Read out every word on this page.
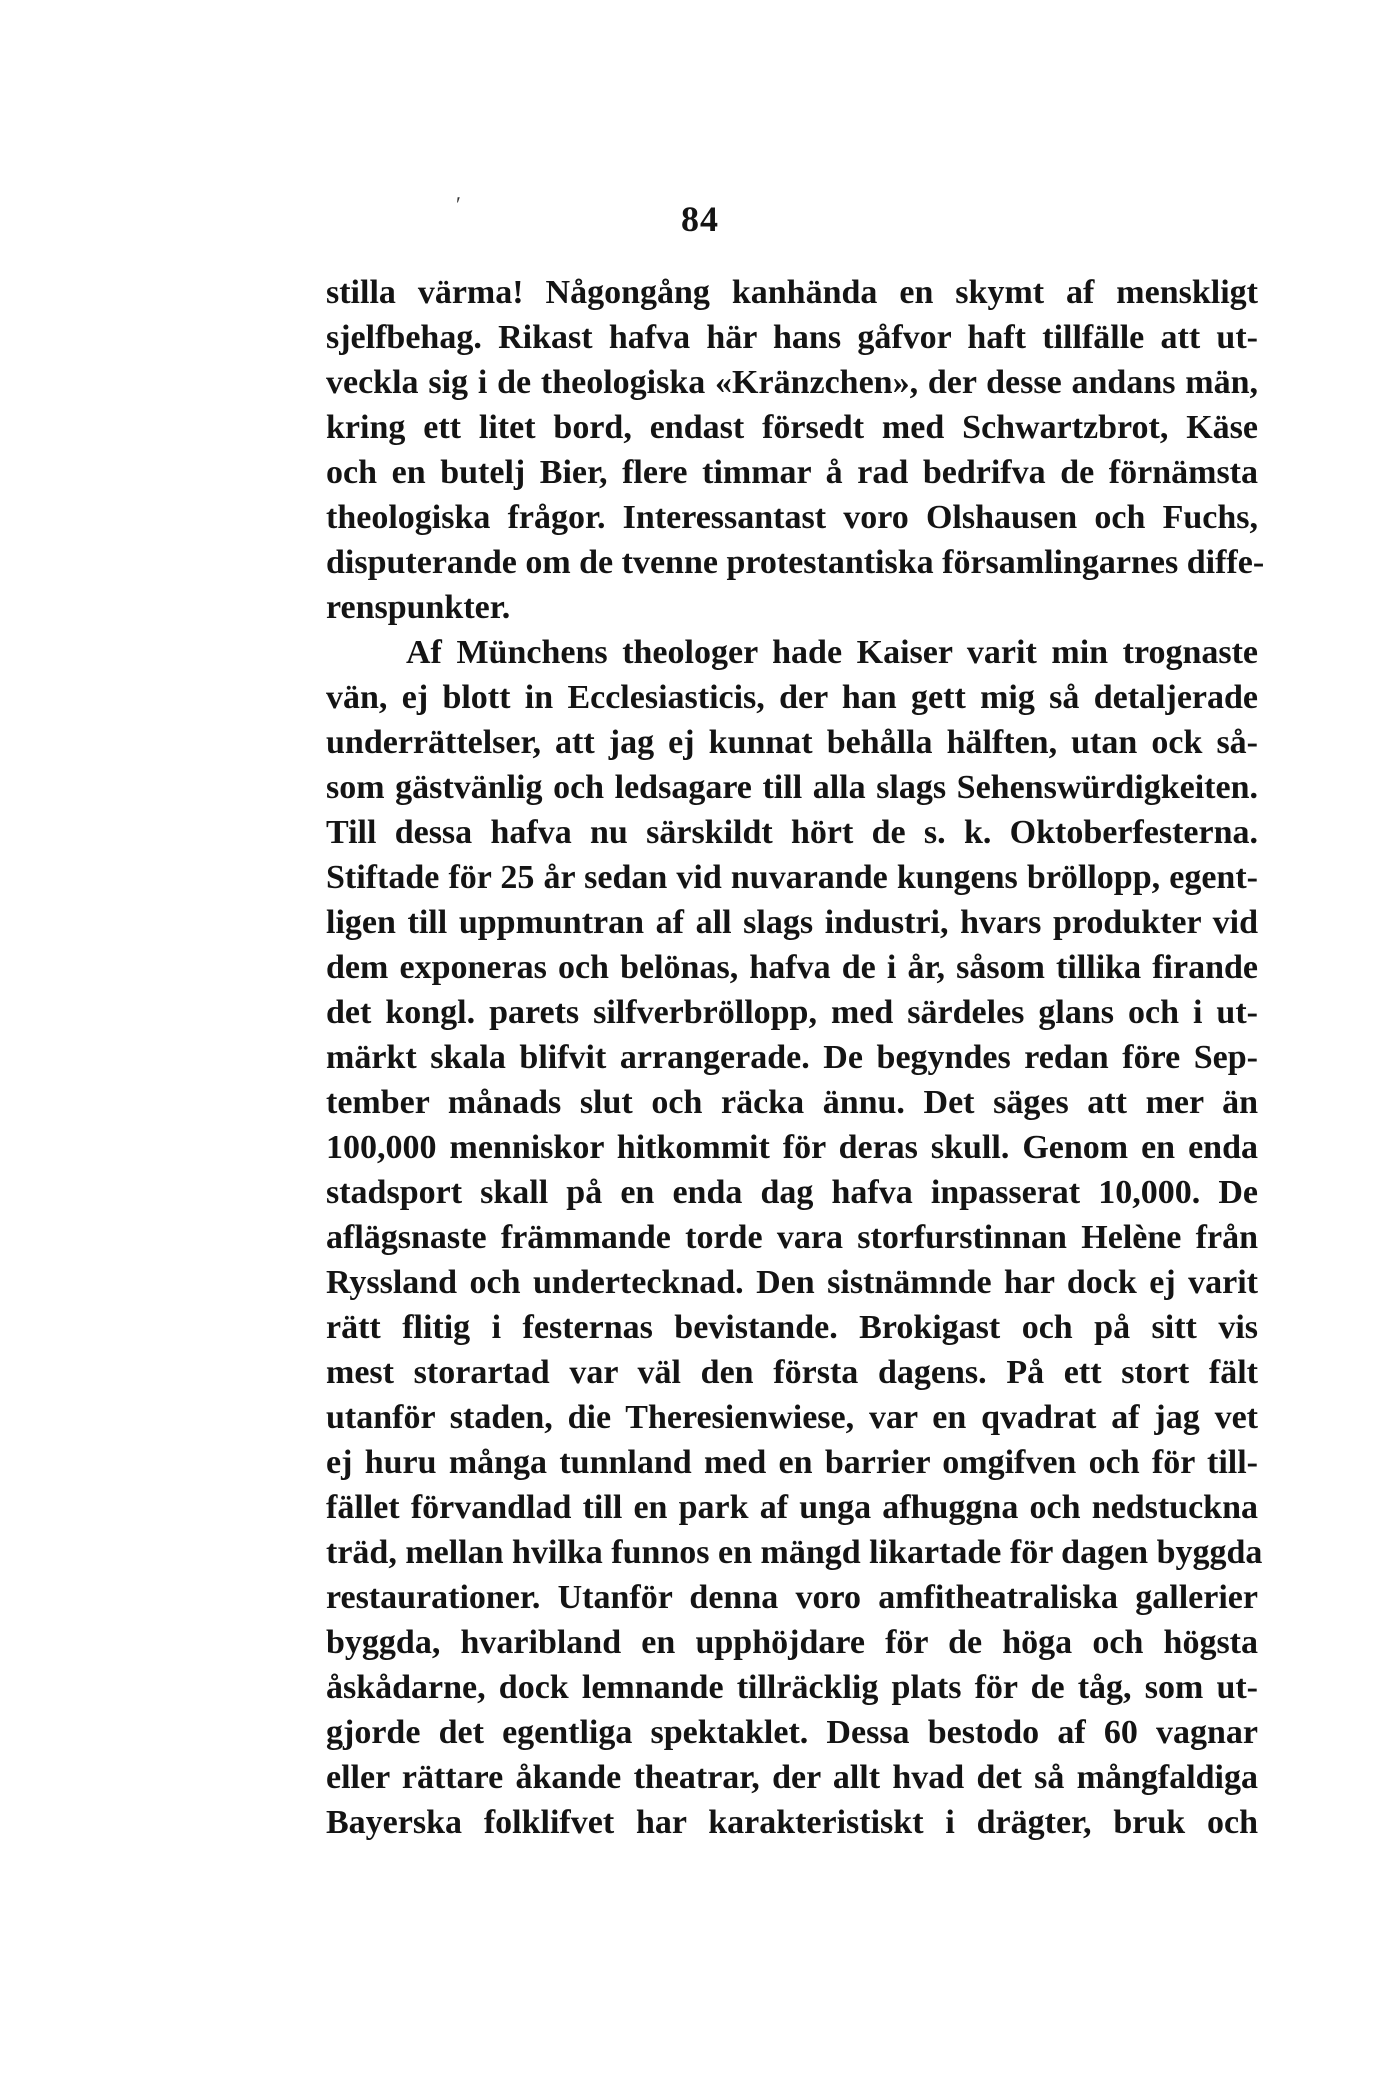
ʹ	84
stilla värma! Någongång kanhända en skymt af menskligt
sjelfbehag. Rikast hafva här hans gåfvor haft tillfälle att ut-
veckla sig i de theologiska «Kränzchen», der desse andans män,
kring ett litet bord, endast försedt med Schwartzbrot, Käse
och en butelj Bier, flere timmar å rad bedrifva de förnämsta
theologiska frågor. Interessantast voro Olshausen och Fuchs,
disputerande om de tvenne protestantiska församlingarnes diffe-
renspunkter.
Af Münchens theologer hade Kaiser varit min trognaste
vän, ej blott in Ecclesiasticis, der han gett mig så detaljerade
underrättelser, att jag ej kunnat behålla hälften, utan ock så-
som gästvänlig och ledsagare till alla slags Sehenswürdigkeiten.
Till dessa hafva nu särskildt hört de s. k. Oktoberfesterna.
Stiftade för 25 år sedan vid nuvarande kungens bröllopp, egent-
ligen till uppmuntran af all slags industri, hvars produkter vid
dem exponeras och belönas, hafva de i år, såsom tillika firande
det kongl. parets silfverbröllopp, med särdeles glans och i ut-
märkt skala blifvit arrangerade. De begyndes redan före Sep-
tember månads slut och räcka ännu. Det säges att mer än
100,000 menniskor hitkommit för deras skull. Genom en enda
stadsport skall på en enda dag hafva inpasserat 10,000. De
aflägsnaste främmande torde vara storfurstinnan Helène från
Ryssland och undertecknad. Den sistnämnde har dock ej varit
rätt flitig i festernas bevistande. Brokigast och på sitt vis
mest storartad var väl den första dagens. På ett stort fält
utanför staden, die Theresienwiese, var en qvadrat af jag vet
ej huru många tunnland med en barrier omgifven och för till-
fället förvandlad till en park af unga afhuggna och nedstuckna
träd, mellan hvilka funnos en mängd likartade för dagen byggda
restaurationer. Utanför denna voro amfitheatraliska gallerier
byggda, hvaribland en upphöjdare för de höga och högsta
åskådarne, dock lemnande tillräcklig plats för de tåg, som ut-
gjorde det egentliga spektaklet. Dessa bestodo af 60 vagnar
eller rättare åkande theatrar, der allt hvad det så mångfaldiga
Bayerska folklifvet har karakteristiskt i drägter, bruk och
